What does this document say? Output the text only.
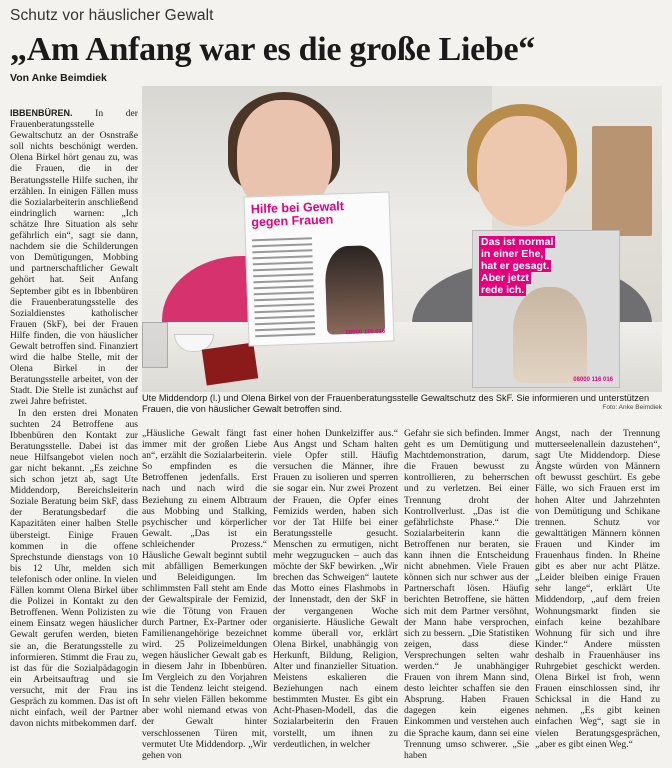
Schutz vor häuslicher Gewalt
„Am Anfang war es die große Liebe“
Von Anke Beimdiek

IBBENBÜREN. In der Frauenberatungsstelle Gewaltschutz an der Osnstraße soll nichts beschönigt werden. Olena Birkel hört genau zu, was die Frauen, die in der Beratungsstelle Hilfe suchen, ihr erzählen. In einigen Fällen muss die Sozialarbeiterin anschließend eindringlich warnen: „Ich schätze Ihre Situation als sehr gefährlich ein“, sagt sie dann, nachdem sie die Schilderungen von Demütigungen, Mobbing und partnerschaftlicher Gewalt gehört hat. Seit Anfang September gibt es in Ibbenbüren die Frauenberatungsstelle des Sozialdienstes katholischer Frauen (SkF), bei der Frauen Hilfe finden, die von häuslicher Gewalt betroffen sind. Finanziert wird die halbe Stelle, mit der Olena Birkel in der Beratungsstelle arbeitet, von der Stadt. Die Stelle ist zunächst auf zwei Jahre befristet.

In den ersten drei Monaten suchten 24 Betroffene aus Ibbenbüren den Kontakt zur Beratungsstelle. Dabei ist das neue Hilfsangebot vielen noch gar nicht bekannt. „Es zeichne sich schon jetzt ab, sagt Ute Middendorp, Bereichsleiterin Soziale Beratung beim SkF, dass der Beratungsbedarf die Kapazitäten einer halben Stelle übersteigt. Einige Frauen kommen in die offene Sprechstunde dienstags von 10 bis 12 Uhr, melden sich telefonisch oder online. In vielen Fällen kommt Olena Birkel über die Polizei in Kontakt zu den Betroffenen. Wenn Polizisten zu einem Einsatz wegen häuslicher Gewalt gerufen werden, bieten sie an, die Beratungsstelle zu informieren. Stimmt die Frau zu, ist das für die Sozialpädagogin ein Arbeitsauftrag und sie versucht, mit der Frau ins Gespräch zu kommen. Das ist oft nicht einfach, weil der Partner davon nichts mitbekommen darf.

Hilfe bei Gewalt gegen Frauen
08000 116 016
Das ist normal
in einer Ehe,
hat er gesagt.
Aber jetzt
rede ich.
08000 116 016
Ute Middendorp (l.) und Olena Birkel von der Frauenberatungsstelle Gewaltschutz des SkF. Sie informieren und unterstützen Frauen, die von häuslicher Gewalt betroffen sind.	Foto: Anke Beimdiek

„Häusliche Gewalt fängt fast immer mit der großen Liebe an“, erzählt die Sozialarbeiterin. So empfinden es die Betroffenen jedenfalls. Erst nach und nach wird die Beziehung zu einem Albtraum aus Mobbing und Stalking, psychischer und körperlicher Gewalt. „Das ist ein schleichender Prozess.“ Häusliche Gewalt beginnt subtil mit abfälligen Bemerkungen und Beleidigungen. Im schlimmsten Fall steht am Ende der Gewaltspirale der Femizid, wie die Tötung von Frauen durch Partner, Ex-Partner oder Familienangehörige bezeichnet wird. 25 Polizeimeldungen wegen häuslicher Gewalt gab es in diesem Jahr in Ibbenbüren. Im Vergleich zu den Vorjahren ist die Tendenz leicht steigend. In sehr vielen Fällen bekomme aber wohl niemand etwas von der Gewalt hinter verschlossenen Türen mit, vermutet Ute Middendorp. „Wir gehen von

einer hohen Dunkelziffer aus.“ Aus Angst und Scham halten viele Opfer still. Häufig versuchen die Männer, ihre Frauen zu isolieren und sperren sie sogar ein. Nur zwei Prozent der Frauen, die Opfer eines Femizids werden, haben sich vor der Tat Hilfe bei einer Beratungsstelle gesucht. Menschen zu ermutigen, nicht mehr wegzugucken – auch das möchte der SkF bewirken. „Wir brechen das Schweigen“ lautete das Motto eines Flashmobs in der Innenstadt, den der SkF in der vergangenen Woche organisierte. Häusliche Gewalt komme überall vor, erklärt Olena Birkel, unabhängig von Herkunft, Bildung, Religion, Alter und finanzieller Situation. Meistens eskalieren die Beziehungen nach einem bestimmten Muster. Es gibt ein Acht-Phasen-Modell, das die Sozialarbeiterin den Frauen vorstellt, um ihnen zu verdeutlichen, in welcher

Gefahr sie sich befinden. Immer geht es um Demütigung und Machtdemonstration, darum, die Frauen bewusst zu kontrollieren, zu beherrschen und zu verletzen. Bei einer Trennung droht der Kontrollverlust. „Das ist die gefährlichste Phase.“ Die Sozialarbeiterin kann die Betroffenen nur beraten, sie kann ihnen die Entscheidung nicht abnehmen. Viele Frauen können sich nur schwer aus der Partnerschaft lösen. Häufig berichten Betroffene, sie hätten sich mit dem Partner versöhnt, der Mann habe versprochen, sich zu bessern. „Die Statistiken zeigen, dass diese Versprechungen selten wahr werden.“ Je unabhängiger Frauen von ihrem Mann sind, desto leichter schaffen sie den Absprung. Haben Frauen dagegen kein eigenes Einkommen und verstehen auch die Sprache kaum, dann sei eine Trennung umso schwerer. „Sie haben

Angst, nach der Trennung mutterseelenallein dazustehen“, sagt Ute Middendorp. Diese Ängste würden von Männern oft bewusst geschürt. Es gebe Fälle, wo sich Frauen erst im hohen Alter und Jahrzehnten von Demütigung und Schikane trennen. Schutz vor gewalttätigen Männern können Frauen und Kinder im Frauenhaus finden. In Rheine gibt es aber nur acht Plätze. „Leider bleiben einige Frauen sehr lange“, erklärt Ute Middendorp, „auf dem freien Wohnungsmarkt finden sie einfach keine bezahlbare Wohnung für sich und ihre Kinder.“ Andere müssten deshalb in Frauenhäuser ins Ruhrgebiet geschickt werden. Olena Birkel ist froh, wenn Frauen einschlossen sind, ihr Schicksal in die Hand zu nehmen. „Es gibt keinen einfachen Weg“, sagt sie in vielen Beratungsgesprächen, „aber es gibt einen Weg.“
